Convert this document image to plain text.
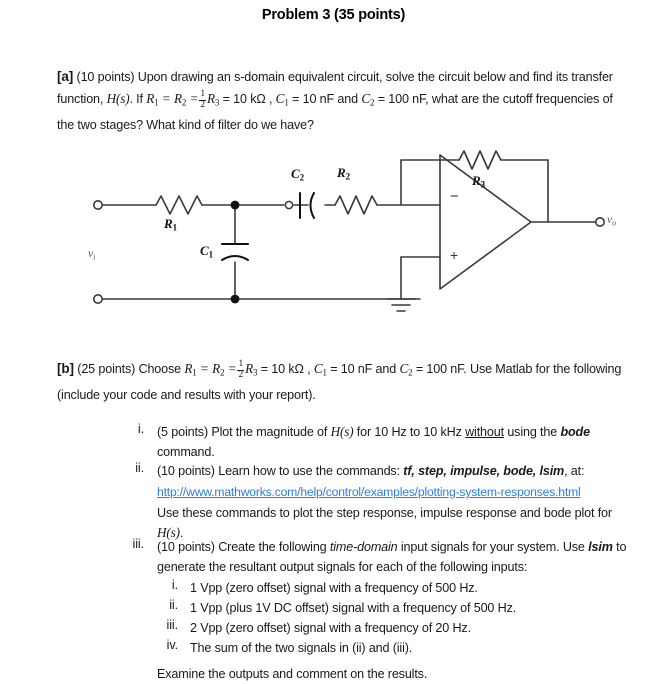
Problem 3 (35 points)
[a] (10 points) Upon drawing an s-domain equivalent circuit, solve the circuit below and find its transfer function, H(s). If $R1 = R2 = \frac{1}{2} R3 = 10$ kΩ , C1 = 10 nF and C2 = 100 nF, what are the cutoff frequencies of the two stages? What kind of filter do we have?
$R_1$
$R_2$	$R_3$
$C_1$
$C_2$
$v_i$
$v_o$
−
+
[b] (25 points) Choose $R1 = R2 = \frac{1}{2} R3 = 10$ kΩ , C1 = 10 nF and C2 = 100 nF. Use Matlab for the following (include your code and results with your report).
i. (5 points) Plot the magnitude of H(s) for 10 Hz to 10 kHz without using the bode command.
ii. (10 points) Learn how to use the commands: tf, step, impulse, bode, lsim, at:
http://www.mathworks.com/help/control/examples/plotting-system-responses.html
Use these commands to plot the step response, impulse response and bode plot for H(s).
iii. (10 points) Create the following time-domain input signals for your system. Use lsim to generate the resultant output signals for each of the following inputs:
i. 1 Vpp (zero offset) signal with a frequency of 500 Hz.
ii. 1 Vpp (plus 1V DC offset) signal with a frequency of 500 Hz.
iii. 2 Vpp (zero offset) signal with a frequency of 20 Hz.
iv. The sum of the two signals in (ii) and (iii).
Examine the outputs and comment on the results.
